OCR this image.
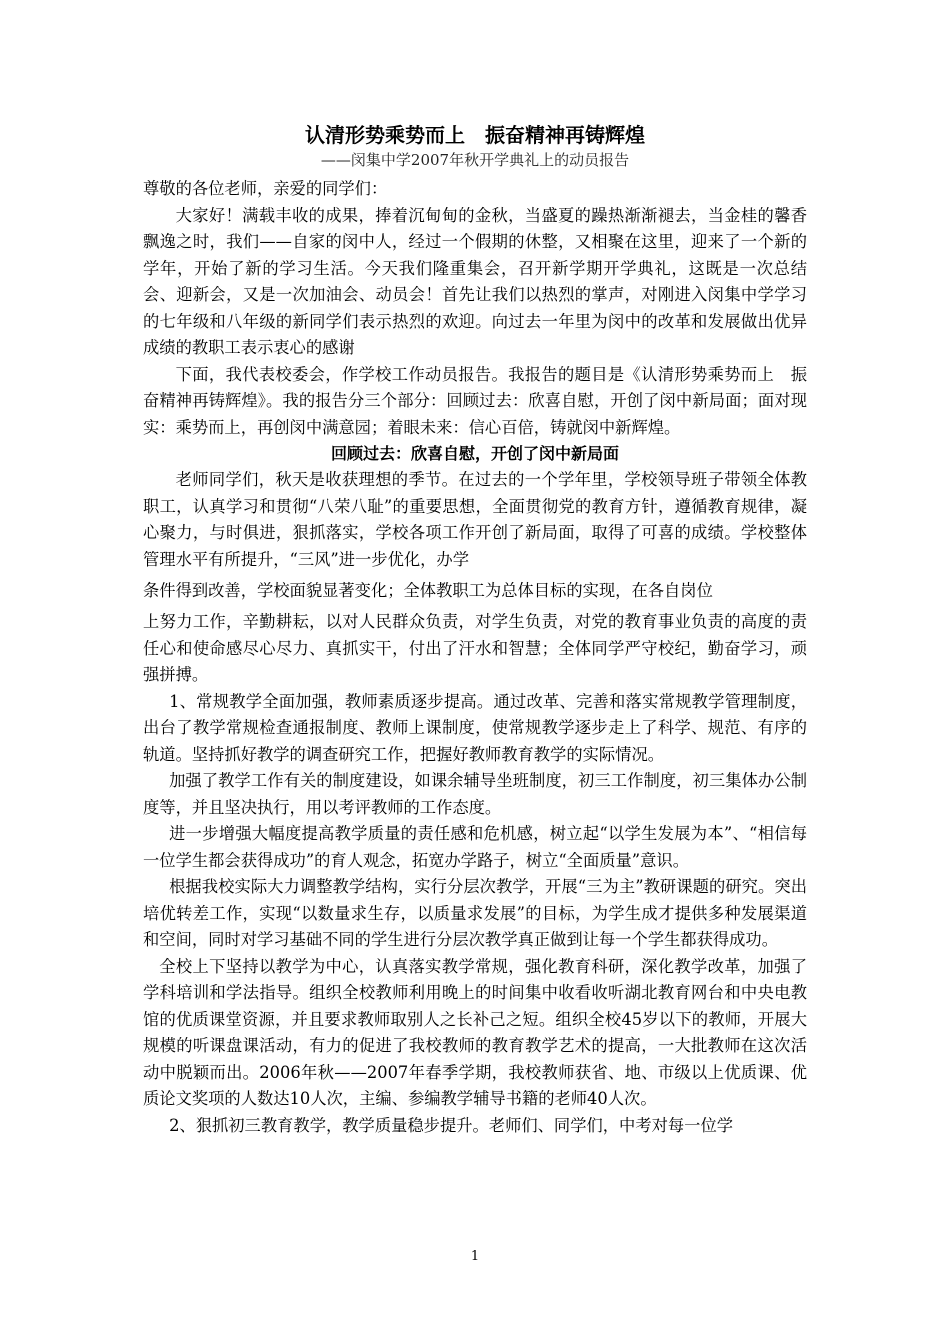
认清形势乘势而上　振奋精神再铸辉煌
——闵集中学2007年秋开学典礼上的动员报告

尊敬的各位老师，亲爱的同学们：

大家好！满载丰收的成果，捧着沉甸甸的金秋，当盛夏的躁热渐渐褪去，当金桂的馨香飘逸之时，我们——自家的闵中人，经过一个假期的休整，又相聚在这里，迎来了一个新的学年，开始了新的学习生活。今天我们隆重集会，召开新学期开学典礼，这既是一次总结会、迎新会，又是一次加油会、动员会！首先让我们以热烈的掌声，对刚进入闵集中学学习的七年级和八年级的新同学们表示热烈的欢迎。向过去一年里为闵中的改革和发展做出优异成绩的教职工表示衷心的感谢

下面，我代表校委会，作学校工作动员报告。我报告的题目是《认清形势乘势而上　振奋精神再铸辉煌》。我的报告分三个部分：回顾过去：欣喜自慰，开创了闵中新局面；面对现实：乘势而上，再创闵中满意园；着眼未来：信心百倍，铸就闵中新辉煌。

回顾过去：欣喜自慰，开创了闵中新局面

老师同学们，秋天是收获理想的季节。在过去的一个学年里，学校领导班子带领全体教职工，认真学习和贯彻“八荣八耻”的重要思想，全面贯彻党的教育方针，遵循教育规律，凝心聚力，与时俱进，狠抓落实，学校各项工作开创了新局面，取得了可喜的成绩。学校整体管理水平有所提升，“三风”进一步优化，办学

条件得到改善，学校面貌显著变化；全体教职工为总体目标的实现，在各自岗位

上努力工作，辛勤耕耘，以对人民群众负责，对学生负责，对党的教育事业负责的高度的责任心和使命感尽心尽力、真抓实干，付出了汗水和智慧；全体同学严守校纪，勤奋学习，顽强拼搏。

1、常规教学全面加强，教师素质逐步提高。通过改革、完善和落实常规教学管理制度，出台了教学常规检查通报制度、教师上课制度，使常规教学逐步走上了科学、规范、有序的轨道。坚持抓好教学的调查研究工作，把握好教师教育教学的实际情况。

加强了教学工作有关的制度建设，如课余辅导坐班制度，初三工作制度，初三集体办公制度等，并且坚决执行，用以考评教师的工作态度。

进一步增强大幅度提高教学质量的责任感和危机感，树立起“以学生发展为本”、“相信每一位学生都会获得成功”的育人观念，拓宽办学路子，树立“全面质量”意识。

根据我校实际大力调整教学结构，实行分层次教学，开展“三为主”教研课题的研究。突出培优转差工作，实现“以数量求生存，以质量求发展”的目标，为学生成才提供多种发展渠道和空间，同时对学习基础不同的学生进行分层次教学真正做到让每一个学生都获得成功。

全校上下坚持以教学为中心，认真落实教学常规，强化教育科研，深化教学改革，加强了学科培训和学法指导。组织全校教师利用晚上的时间集中收看收听湖北教育网台和中央电教馆的优质课堂资源，并且要求教师取别人之长补己之短。组织全校45岁以下的教师，开展大规模的听课盘课活动，有力的促进了我校教师的教育教学艺术的提高，一大批教师在这次活动中脱颖而出。2006年秋——2007年春季学期，我校教师获省、地、市级以上优质课、优质论文奖项的人数达10人次，主编、参编教学辅导书籍的老师40人次。

2、狠抓初三教育教学，教学质量稳步提升。老师们、同学们，中考对每一位学

1
